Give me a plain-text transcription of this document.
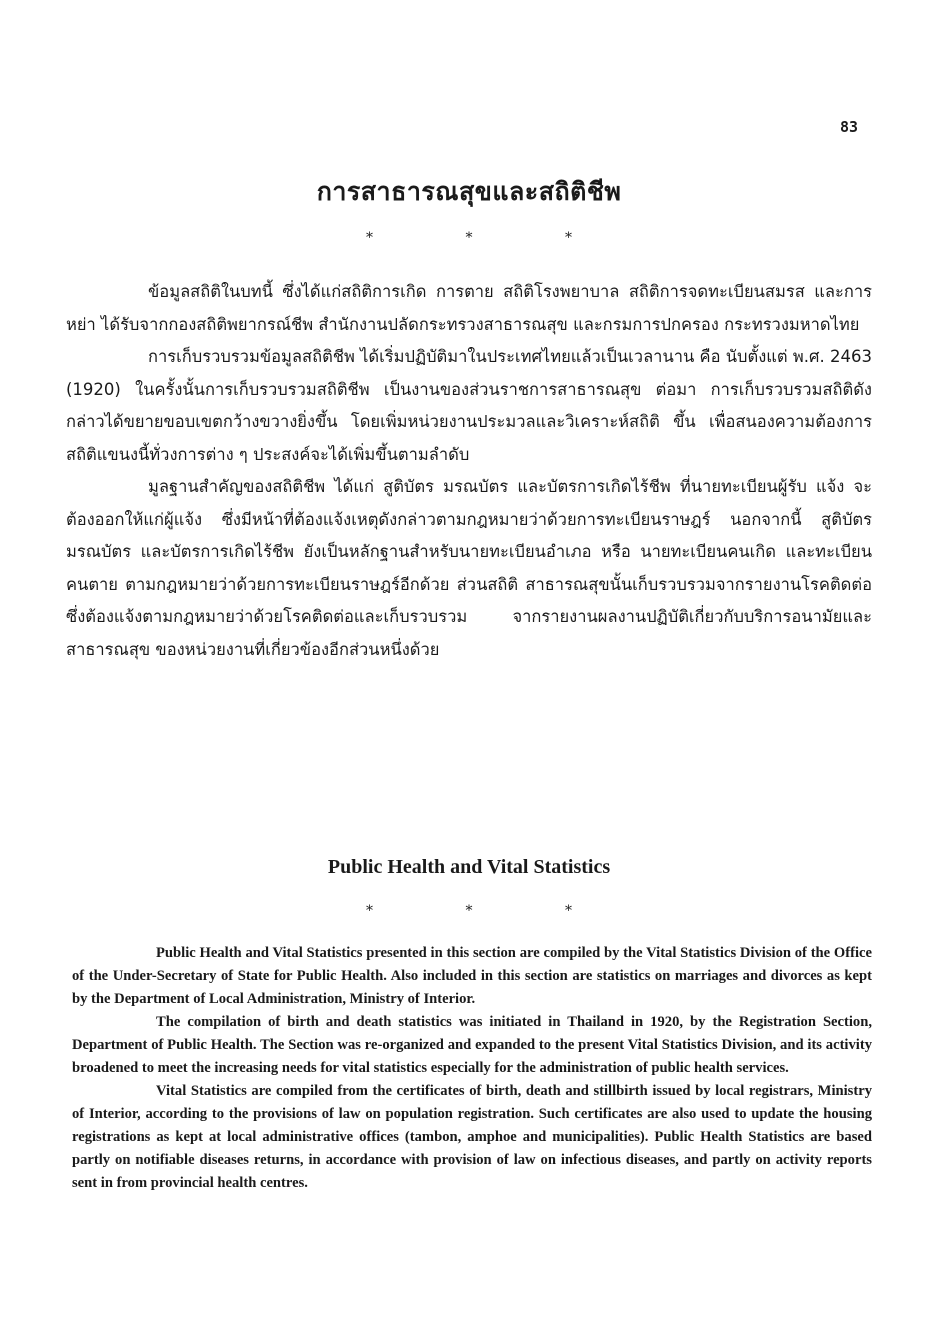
83
การสาธารณสุขและสถิติชีพ
* * *

ข้อมูลสถิติในบทนี้ ซึ่งได้แก่สถิติการเกิด การตาย สถิติโรงพยาบาล สถิติการจดทะเบียนสมรส และการหย่า ได้รับจากกองสถิติพยากรณ์ชีพ สำนักงานปลัดกระทรวงสาธารณสุข และกรมการปกครอง กระทรวงมหาดไทย

การเก็บรวบรวมข้อมูลสถิติชีพ ได้เริ่มปฏิบัติมาในประเทศไทยแล้วเป็นเวลานาน คือ นับตั้งแต่ พ.ศ. 2463 (1920) ในครั้งนั้นการเก็บรวบรวมสถิติชีพ เป็นงานของส่วนราชการสาธารณสุข ต่อมา การเก็บรวบรวมสถิติดังกล่าวได้ขยายขอบเขตกว้างขวางยิ่งขึ้น โดยเพิ่มหน่วยงานประมวลและวิเคราะห์สถิติ ขึ้น เพื่อสนองความต้องการสถิติแขนงนี้ทั่วงการต่าง ๆ ประสงค์จะได้เพิ่มขึ้นตามลำดับ

มูลฐานสำคัญของสถิติชีพ ได้แก่ สูติบัตร มรณบัตร และบัตรการเกิดไร้ชีพ ที่นายทะเบียนผู้รับ แจ้ง จะต้องออกให้แก่ผู้แจ้ง ซึ่งมีหน้าที่ต้องแจ้งเหตุดังกล่าวตามกฎหมายว่าด้วยการทะเบียนราษฎร์ นอกจากนี้ สูติบัตร มรณบัตร และบัตรการเกิดไร้ชีพ ยังเป็นหลักฐานสำหรับนายทะเบียนอำเภอ หรือ นายทะเบียนคนเกิด และทะเบียนคนตาย ตามกฎหมายว่าด้วยการทะเบียนราษฎร์อีกด้วย ส่วนสถิติ สาธารณสุขนั้นเก็บรวบรวมจากรายงานโรคติดต่อ ซึ่งต้องแจ้งตามกฎหมายว่าด้วยโรคติดต่อและเก็บรวบรวม จากรายงานผลงานปฏิบัติเกี่ยวกับบริการอนามัยและสาธารณสุข ของหน่วยงานที่เกี่ยวข้องอีกส่วนหนึ่งด้วย

Public Health and Vital Statistics
* * *

Public Health and Vital Statistics presented in this section are compiled by the Vital Statistics Division of the Office of the Under-Secretary of State for Public Health. Also included in this section are statistics on marriages and divorces as kept by the Department of Local Administration, Ministry of Interior.

The compilation of birth and death statistics was initiated in Thailand in 1920, by the Registration Section, Department of Public Health. The Section was re-organized and expanded to the present Vital Statistics Division, and its activity broadened to meet the increasing needs for vital statistics especially for the administration of public health services.

Vital Statistics are compiled from the certificates of birth, death and stillbirth issued by local registrars, Ministry of Interior, according to the provisions of law on population registration. Such certificates are also used to update the housing registrations as kept at local administrative offices (tambon, amphoe and municipalities). Public Health Statistics are based partly on notifiable diseases returns, in accordance with provision of law on infectious diseases, and partly on activity reports sent in from provincial health centres.
